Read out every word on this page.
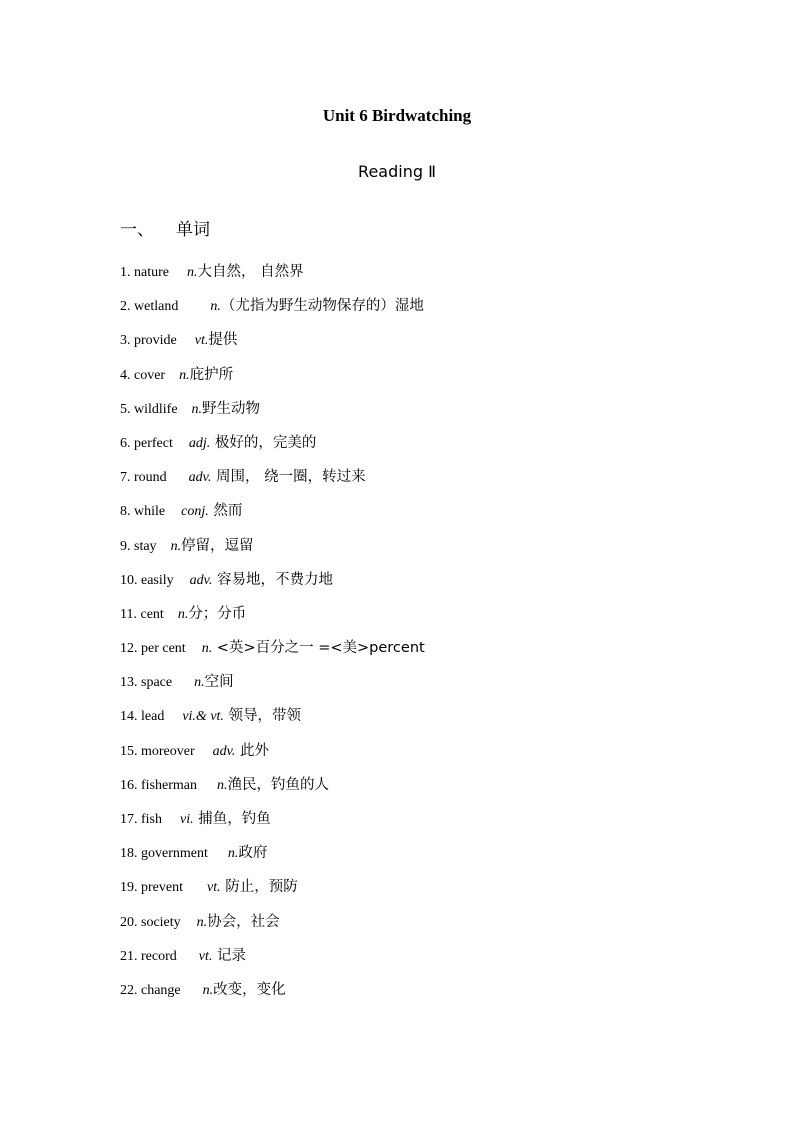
Unit 6 Birdwatching
Reading Ⅱ
一、 单词
1. nature n.大自然， 自然界
2. wetland n.（尤指为野生动物保存的）湿地
3. provide vt.提供
4. cover n.庇护所
5. wildlife n.野生动物
6. perfect adj. 极好的，完美的
7. round adv. 周围， 绕一圈，转过来
8. while conj. 然而
9. stay n.停留，逗留
10. easily adv. 容易地，不费力地
11. cent n.分；分币
12. per cent n. <英>百分之一 =<美>percent
13. space n.空间
14. lead vi.& vt. 领导，带领
15. moreover adv. 此外
16. fisherman n.渔民，钓鱼的人
17. fish vi. 捕鱼，钓鱼
18. government n.政府
19. prevent vt. 防止，预防
20. society n.协会，社会
21. record vt. 记录
22. change n.改变，变化
